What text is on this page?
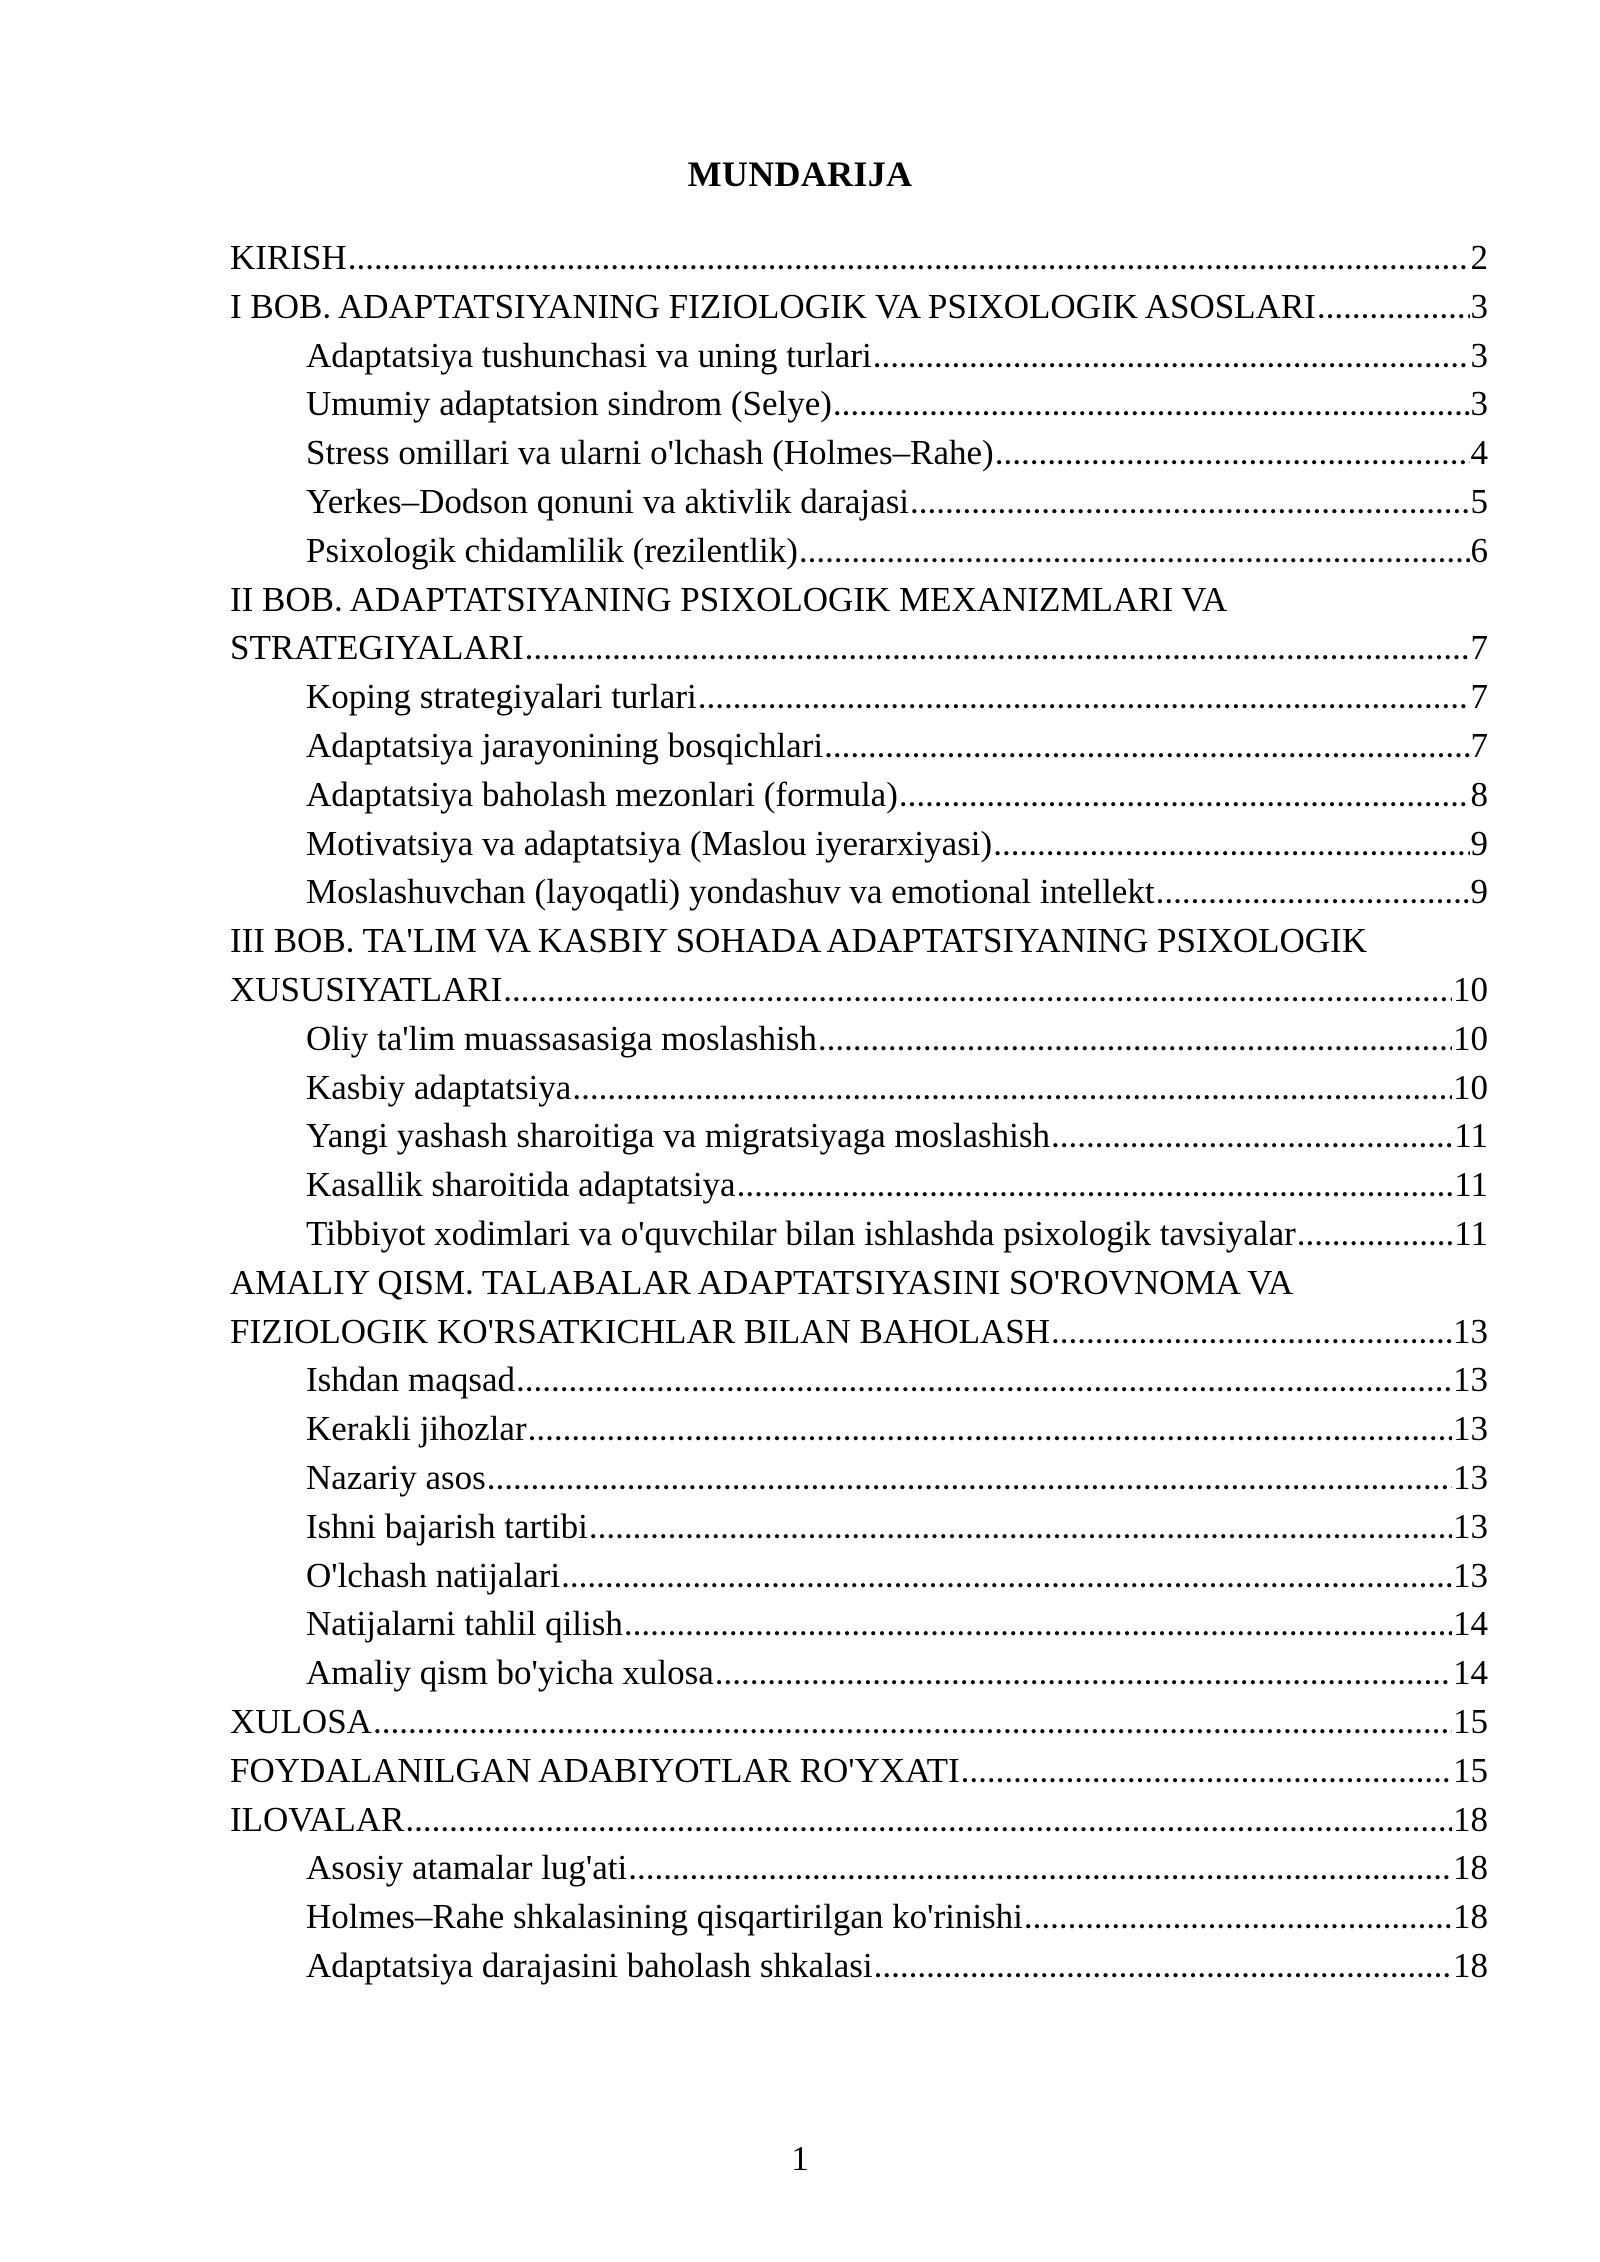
MUNDARIJA
KIRISH .....	2
I BOB. ADAPTATSIYANING FIZIOLOGIK VA PSIXOLOGIK ASOSLARI .....	3
Adaptatsiya tushunchasi va uning turlari .....	3
Umumiy adaptatsion sindrom (Selye) .....	3
Stress omillari va ularni o'lchash (Holmes–Rahe) .....	4
Yerkes–Dodson qonuni va aktivlik darajasi .....	5
Psixologik chidamlilik (rezilentlik) .....	6
II BOB. ADAPTATSIYANING PSIXOLOGIK MEXANIZMLARI VA
STRATEGIYALARI .....	7
Koping strategiyalari turlari .....	7
Adaptatsiya jarayonining bosqichlari .....	7
Adaptatsiya baholash mezonlari (formula) .....	8
Motivatsiya va adaptatsiya (Maslou iyerarxiyasi) .....	9
Moslashuvchan (layoqatli) yondashuv va emotional intellekt .....	9
III BOB. TA'LIM VA KASBIY SOHADA ADAPTATSIYANING PSIXOLOGIK
XUSUSIYATLARI .....	10
Oliy ta'lim muassasasiga moslashish .....	10
Kasbiy adaptatsiya .....	10
Yangi yashash sharoitiga va migratsiyaga moslashish .....	11
Kasallik sharoitida adaptatsiya .....	11
Tibbiyot xodimlari va o'quvchilar bilan ishlashda psixologik tavsiyalar .....	11
AMALIY QISM. TALABALAR ADAPTATSIYASINI SO'ROVNOMA VA
FIZIOLOGIK KO'RSATKICHLAR BILAN BAHOLASH .....	13
Ishdan maqsad .....	13
Kerakli jihozlar .....	13
Nazariy asos .....	13
Ishni bajarish tartibi .....	13
O'lchash natijalari .....	13
Natijalarni tahlil qilish .....	14
Amaliy qism bo'yicha xulosa .....	14
XULOSA .....	15
FOYDALANILGAN ADABIYOTLAR RO'YXATI .....	15
ILOVALAR .....	18
Asosiy atamalar lug'ati .....	18
Holmes–Rahe shkalasining qisqartirilgan ko'rinishi .....	18
Adaptatsiya darajasini baholash shkalasi .....	18
1
